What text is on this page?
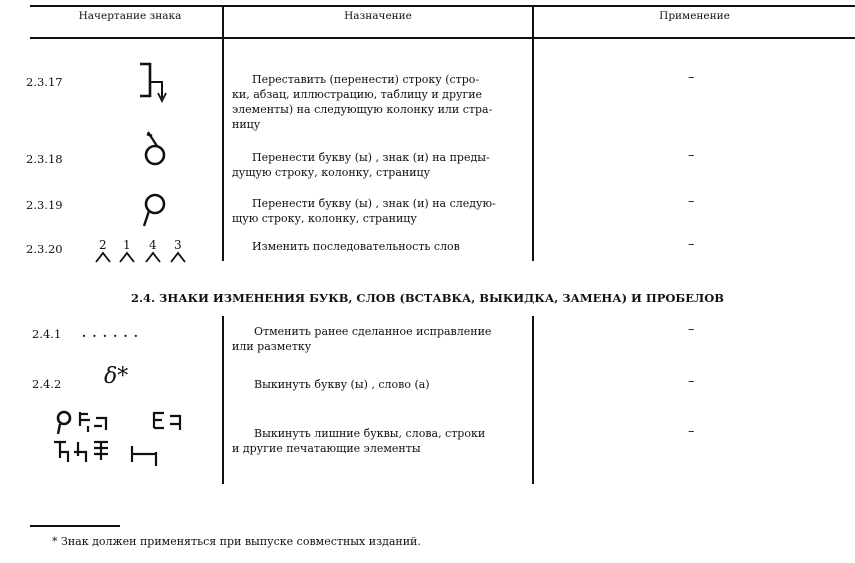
Начертание знака	Назначение	Применение
2.3.17	Переставить (перенести) строку (стро-
ки, абзац, иллюстрацию, таблицу и другие
элементы) на следующую колонку или стра-
ницу
–
2.3.18	Перенести букву (ы) , знак (и) на преды-
дущую строку, колонку, страницу
–
2.3.19	Перенести букву (ы) , знак (и) на следую-
щую строку, колонку, страницу
–
2.3.20	2 1 4 3	Изменить последовательность слов	–
2.4. ЗНАКИ ИЗМЕНЕНИЯ БУКВ, СЛОВ (ВСТАВКА, ВЫКИДКА, ЗАМЕНА) И ПРОБЕЛОВ
2.4.1 . . . . . .	Отменить ранее сделанное исправление
или разметку
–
2.4.2 δ*	Выкинуть букву (ы) , слово (а)	–
Выкинуть лишние буквы, слова, строки
и другие печатающие элементы
–
* Знак должен применяться при выпуске совместных изданий.
